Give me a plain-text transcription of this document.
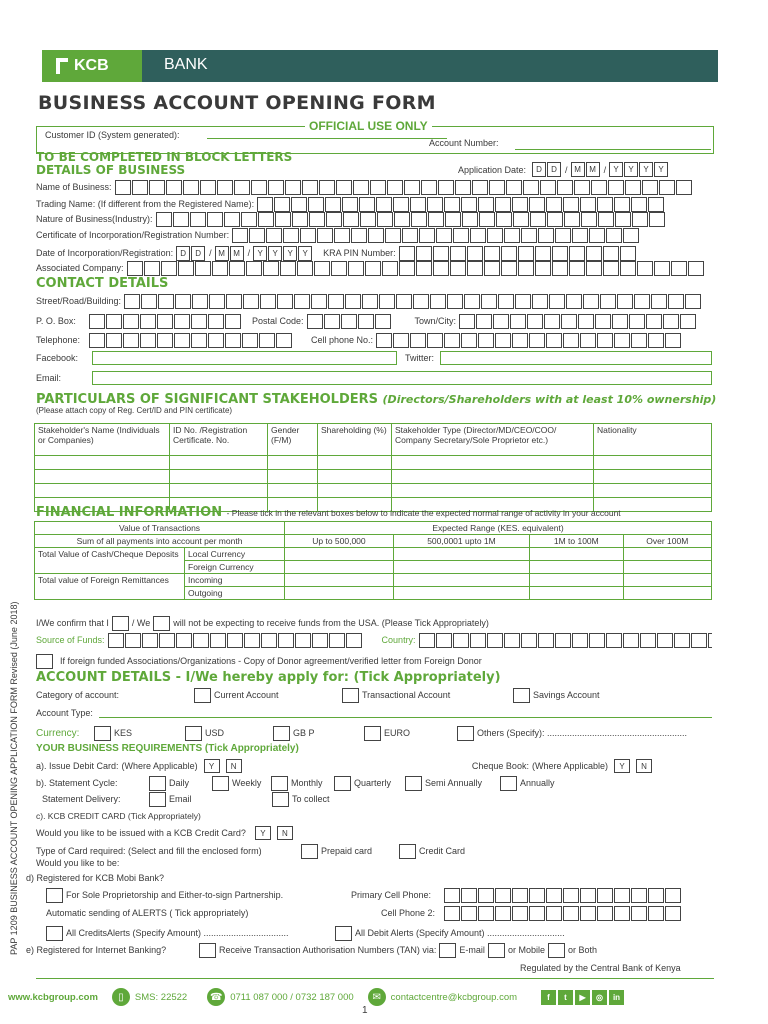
KCB	BANK
BUSINESS ACCOUNT OPENING FORM
OFFICIAL USE ONLY
Customer ID (System generated):
Account Number:
TO BE COMPLETED IN BLOCK LETTERS
DETAILS OF BUSINESS	Application Date:	D	D / M	M / Y	Y	Y	Y
Name of Business:
Trading Name: (If different from the Registered Name):
Nature of Business(Industry):
Certificate of Incorporation/Registration Number:
Date of Incorporation/Registration: D	D / M	M / Y	Y	Y	Y	KRA PIN Number:
Associated Company:
CONTACT DETAILS
Street/Road/Building:
P. O. Box:	Postal Code:	Town/City:
Telephone:	Cell phone No.:
Facebook:	Twitter:
Email:
PARTICULARS OF SIGNIFICANT STAKEHOLDERS (Directors/Shareholders with at least 10% ownership)
(Please attach copy of Reg. Cert/ID and PIN certificate)
Stakeholder's Name (Individuals or Companies)	ID No. /Registration Certificate. No.	Gender (F/M)	Shareholding (%)	Stakeholder Type (Director/MD/CEO/COO/ Company Secretary/Sole Proprietor etc.)	Nationality

FINANCIAL INFORMATION - Please tick in the relevant boxes below to indicate the expected normal range of activity in your account
Value of Transactions		Expected Range (KES. equivalent)			
Sum of all payments into account per month		Up to 500,000	500,0001 upto 1M	1M to 100M	Over 100M
Total Value of Cash/Cheque Deposits	Local Currency				
	Foreign Currency				
Total value of Foreign Remittances	Incoming				
	Outgoing				
I/We confirm that I	/ We	will not be expecting to receive funds from the USA. (Please Tick Appropriately)
Source of Funds:	Country:
If foreign funded Associations/Organizations - Copy of Donor agreement/verified letter from Foreign Donor
ACCOUNT DETAILS - I/We hereby apply for: (Tick Appropriately)
Category of account:	Current Account	Transactional Account	Savings Account
Account Type:
Currency:	KES	USD	GB P	EURO	Others (Specify): ........................................................
YOUR BUSINESS REQUIREMENTS (Tick Appropriately)
a). Issue Debit Card: (Where Applicable)	Y	N	Cheque Book: (Where Applicable)	Y	N
b). Statement Cycle:	Daily	Weekly	Monthly	Quarterly	Semi Annually	Annually
Statement Delivery:	Email	To collect
c). KCB CREDIT CARD (Tick Appropriately)
Would you like to be issued with a KCB Credit Card?	Y	N
Type of Card required: (Select and fill the enclosed form)	Prepaid card	Credit Card
Would you like to be:
d) Registered for KCB Mobi Bank?
For Sole Proprietorship and Either-to-sign Partnership.	Primary Cell Phone:
Automatic sending of ALERTS ( Tick appropriately)	Cell Phone 2:
All CreditsAlerts (Specify Amount) ..................................	All Debit Alerts (Specify Amount) ...............................
e) Registered for Internet Banking?	Receive Transaction Authorisation Numbers (TAN) via:	E-mail	or Mobile	or Both
Regulated by the Central Bank of Kenya
PAP 1209 BUSINESS ACCOUNT OPENING APPLICATION FORM Revised (June 2018)
www.kcbgroup.com	▯	SMS: 22522 ☎ 0711 087 000 / 0732 187 000	✉	contactcentre@kcbgroup.com	f	t	▶	◎	in
1
